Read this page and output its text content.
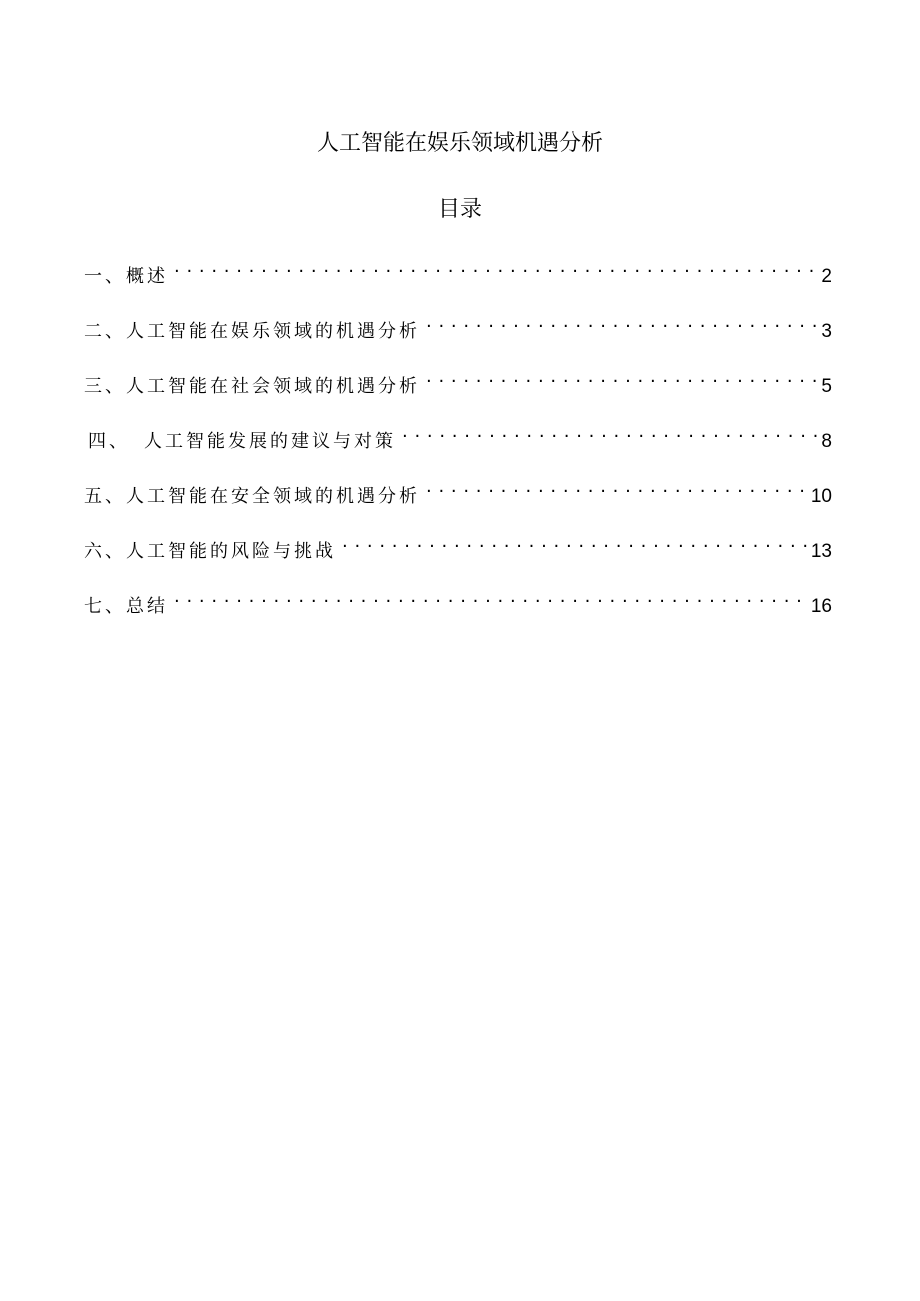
人工智能在娱乐领域机遇分析
目录
一、 概述 . . .	2
二、 人工智能在娱乐领域的机遇分析 . . .	3
三、 人工智能在社会领域的机遇分析 . . .	5
四、 人工智能发展的建议与对策 . . .	8
五、 人工智能在安全领域的机遇分析 . . .	10
六、 人工智能的风险与挑战 . . .	13
七、 总结 . . .	16
